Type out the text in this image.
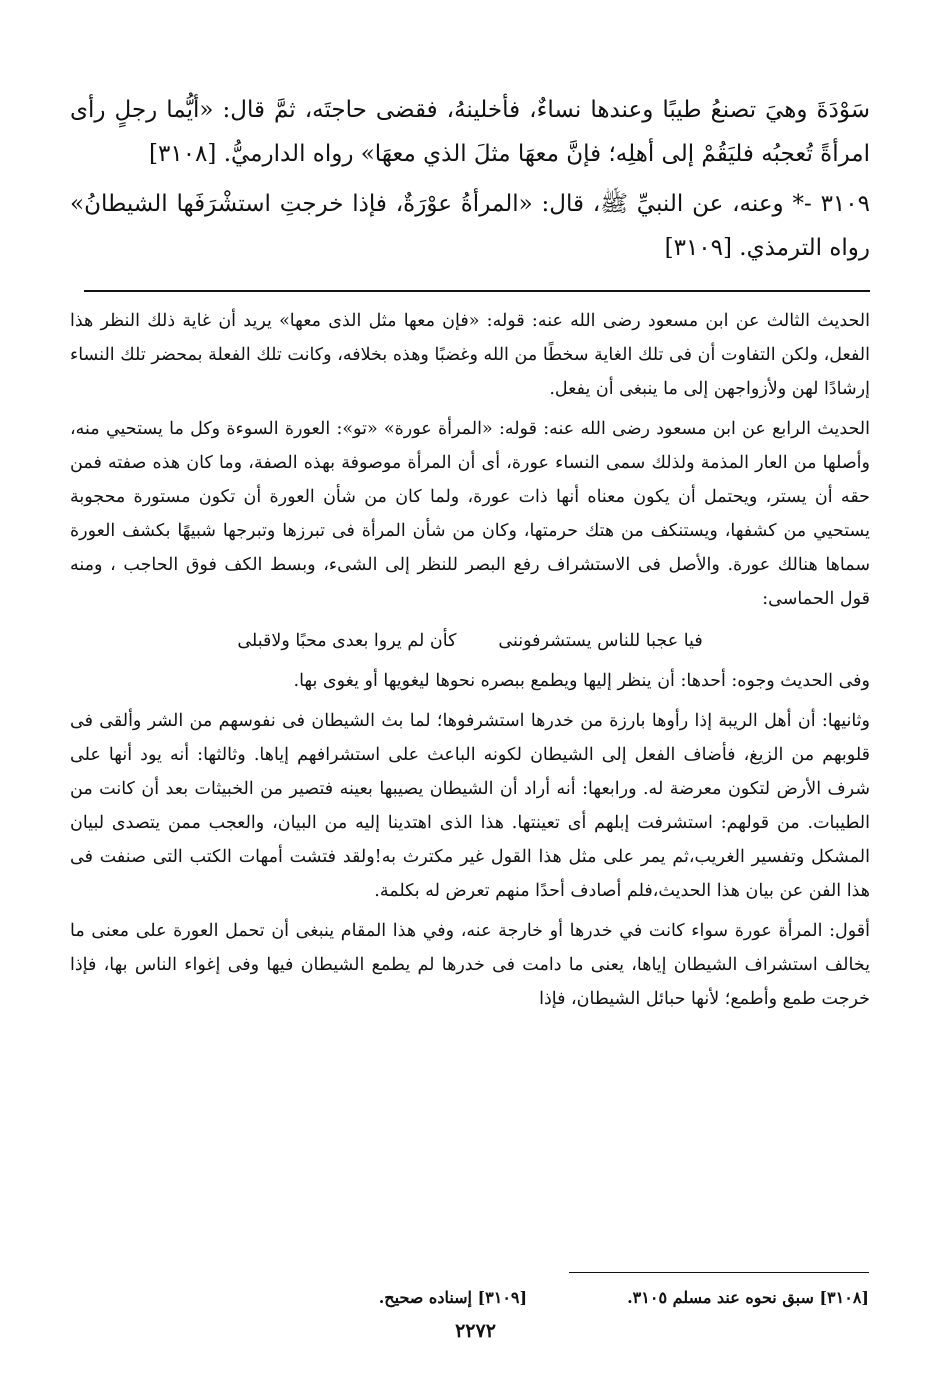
سَوْدَةَ وهيَ تصنعُ طيبًا وعندها نساءٌ، فأخلينهُ، فقضى حاجتَه، ثمَّ قال: «أيُّما رجلٍ رأى امرأةً تُعجبُه فليَقُمْ إلى أهلِه؛ فإنَّ معهَا مثلَ الذي معهَا» رواه الدارميُّ. [٣١٠٨]

٣١٠٩ -* وعنه، عن النبيِّ ﷺ، قال: «المرأةُ عوْرَةٌ، فإذا خرجتِ استشْرَفَها الشيطانُ» رواه الترمذي. [٣١٠٩]

الحديث الثالث عن ابن مسعود رضى الله عنه: قوله: «فإن معها مثل الذى معها» يريد أن غاية ذلك النظر هذا الفعل، ولكن التفاوت أن فى تلك الغاية سخطًا من الله وغضبًا وهذه بخلافه، وكانت تلك الفعلة بمحضر تلك النساء إرشادًا لهن ولأزواجهن إلى ما ينبغى أن يفعل.

الحديث الرابع عن ابن مسعود رضى الله عنه: قوله: «المرأة عورة» «تو»: العورة السوءة وكل ما يستحيي منه، وأصلها من العار المذمة ولذلك سمى النساء عورة، أى أن المرأة موصوفة بهذه الصفة، وما كان هذه صفته فمن حقه أن يستر، ويحتمل أن يكون معناه أنها ذات عورة، ولما كان من شأن العورة أن تكون مستورة محجوبة يستحيي من كشفها، ويستنكف من هتك حرمتها، وكان من شأن المرأة فى تبرزها وتبرجها شبيهًا بكشف العورة سماها هنالك عورة. والأصل فى الاستشراف رفع البصر للنظر إلى الشىء، وبسط الكف فوق الحاجب ، ومنه قول الحماسى:

فيا عجبا للناس يستشرفوننى
كأن لم يروا بعدى محبًا ولاقبلى

وفى الحديث وجوه: أحدها: أن ينظر إليها ويطمع ببصره نحوها ليغويها أو يغوى بها.

وثانيها: أن أهل الريبة إذا رأوها بارزة من خدرها استشرفوها؛ لما بث الشيطان فى نفوسهم من الشر وألقى فى قلوبهم من الزيغ، فأضاف الفعل إلى الشيطان لكونه الباعث على استشرافهم إياها. وثالثها: أنه يود أنها على شرف الأرض لتكون معرضة له. ورابعها: أنه أراد أن الشيطان يصيبها بعينه فتصير من الخبيثات بعد أن كانت من الطيبات. من قولهم: استشرفت إبلهم أى تعينتها. هذا الذى اهتدينا إليه من البيان، والعجب ممن يتصدى لبيان المشكل وتفسير الغريب،ثم يمر على مثل هذا القول غير مكترث به!ولقد فتشت أمهات الكتب التى صنفت فى هذا الفن عن بيان هذا الحديث،فلم أصادف أحدًا منهم تعرض له بكلمة.

أقول: المرأة عورة سواء كانت في خدرها أو خارجة عنه، وفي هذا المقام ينبغى أن تحمل العورة على معنى ما يخالف استشراف الشيطان إياها، يعنى ما دامت فى خدرها لم يطمع الشيطان فيها وفى إغواء الناس بها، فإذا خرجت طمع وأطمع؛ لأنها حبائل الشيطان، فإذا

[٣١٠٨] سبق نحوه عند مسلم ٣١٠٥.
[٣١٠٩] إسناده صحيح.
٢٢٧٢
